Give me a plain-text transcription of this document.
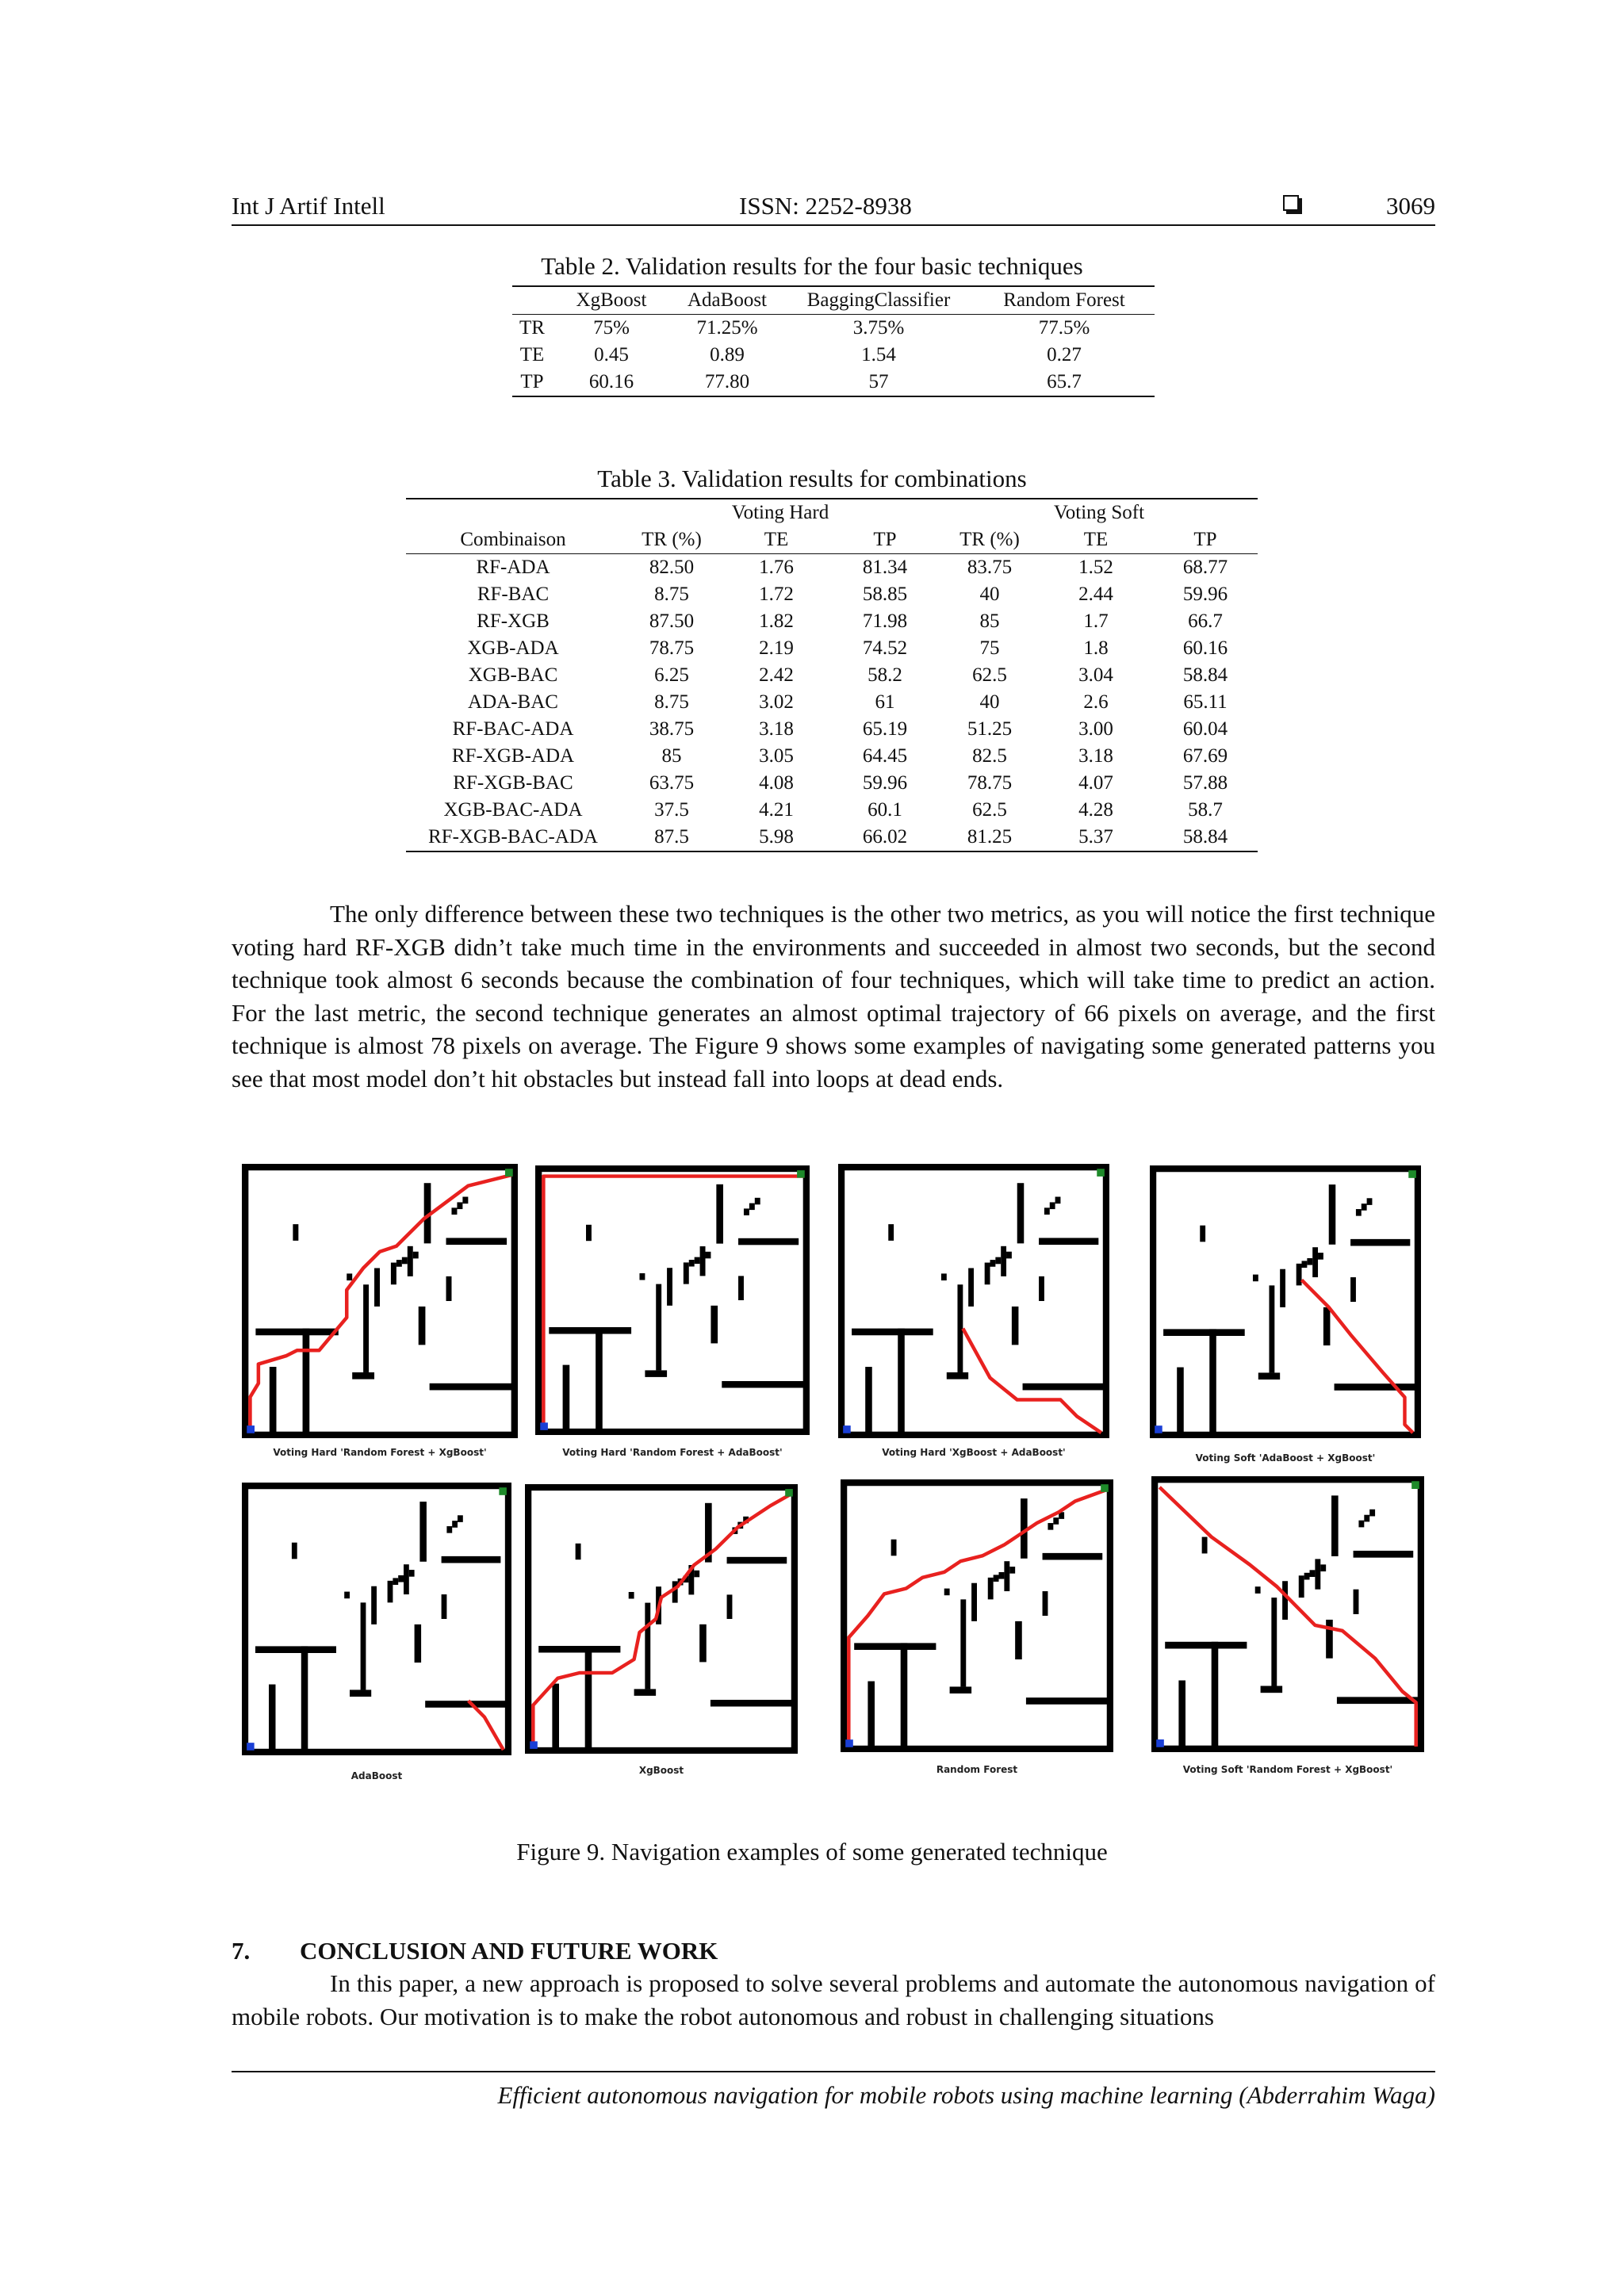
Int J Artif Intell	ISSN: 2252-8938	3069
Table 2. Validation results for the four basic techniques
	XgBoost	AdaBoost	BaggingClassifier	Random Forest
TR	75%	71.25%	3.75%	77.5%
TE	0.45	0.89	1.54	0.27
TP	60.16	77.80	57	65.7
Table 3. Validation results for combinations
	Voting Hard			Voting Soft		
Combinaison	TR (%)	TE	TP	TR (%)	TE	TP
RF-ADA	82.50	1.76	81.34	83.75	1.52	68.77
RF-BAC	8.75	1.72	58.85	40	2.44	59.96
RF-XGB	87.50	1.82	71.98	85	1.7	66.7
XGB-ADA	78.75	2.19	74.52	75	1.8	60.16
XGB-BAC	6.25	2.42	58.2	62.5	3.04	58.84
ADA-BAC	8.75	3.02	61	40	2.6	65.11
RF-BAC-ADA	38.75	3.18	65.19	51.25	3.00	60.04
RF-XGB-ADA	85	3.05	64.45	82.5	3.18	67.69
RF-XGB-BAC	63.75	4.08	59.96	78.75	4.07	57.88
XGB-BAC-ADA	37.5	4.21	60.1	62.5	4.28	58.7
RF-XGB-BAC-ADA	87.5	5.98	66.02	81.25	5.37	58.84

The only difference between these two techniques is the other two metrics, as you will notice the first technique voting hard RF-XGB didn’t take much time in the environments and succeeded in almost two seconds, but the second technique took almost 6 seconds because the combination of four techniques, which will take time to predict an action. For the last metric, the second technique generates an almost optimal trajectory of 66 pixels on average, and the first technique is almost 78 pixels on average. The Figure 9 shows some examples of navigating some generated patterns you see that most model don’t hit obstacles but instead fall into loops at dead ends.

Voting Hard 'Random Forest + XgBoost'	Voting Hard 'Random Forest + AdaBoost'	Voting Hard 'XgBoost + AdaBoost'	Voting Soft 'AdaBoost + XgBoost'
AdaBoost	XgBoost	Random Forest	Voting Soft 'Random Forest + XgBoost'
Figure 9. Navigation examples of some generated technique
7. CONCLUSION AND FUTURE WORK

In this paper, a new approach is proposed to solve several problems and automate the autonomous navigation of mobile robots. Our motivation is to make the robot autonomous and robust in challenging situations

Efficient autonomous navigation for mobile robots using machine learning (Abderrahim Waga)
